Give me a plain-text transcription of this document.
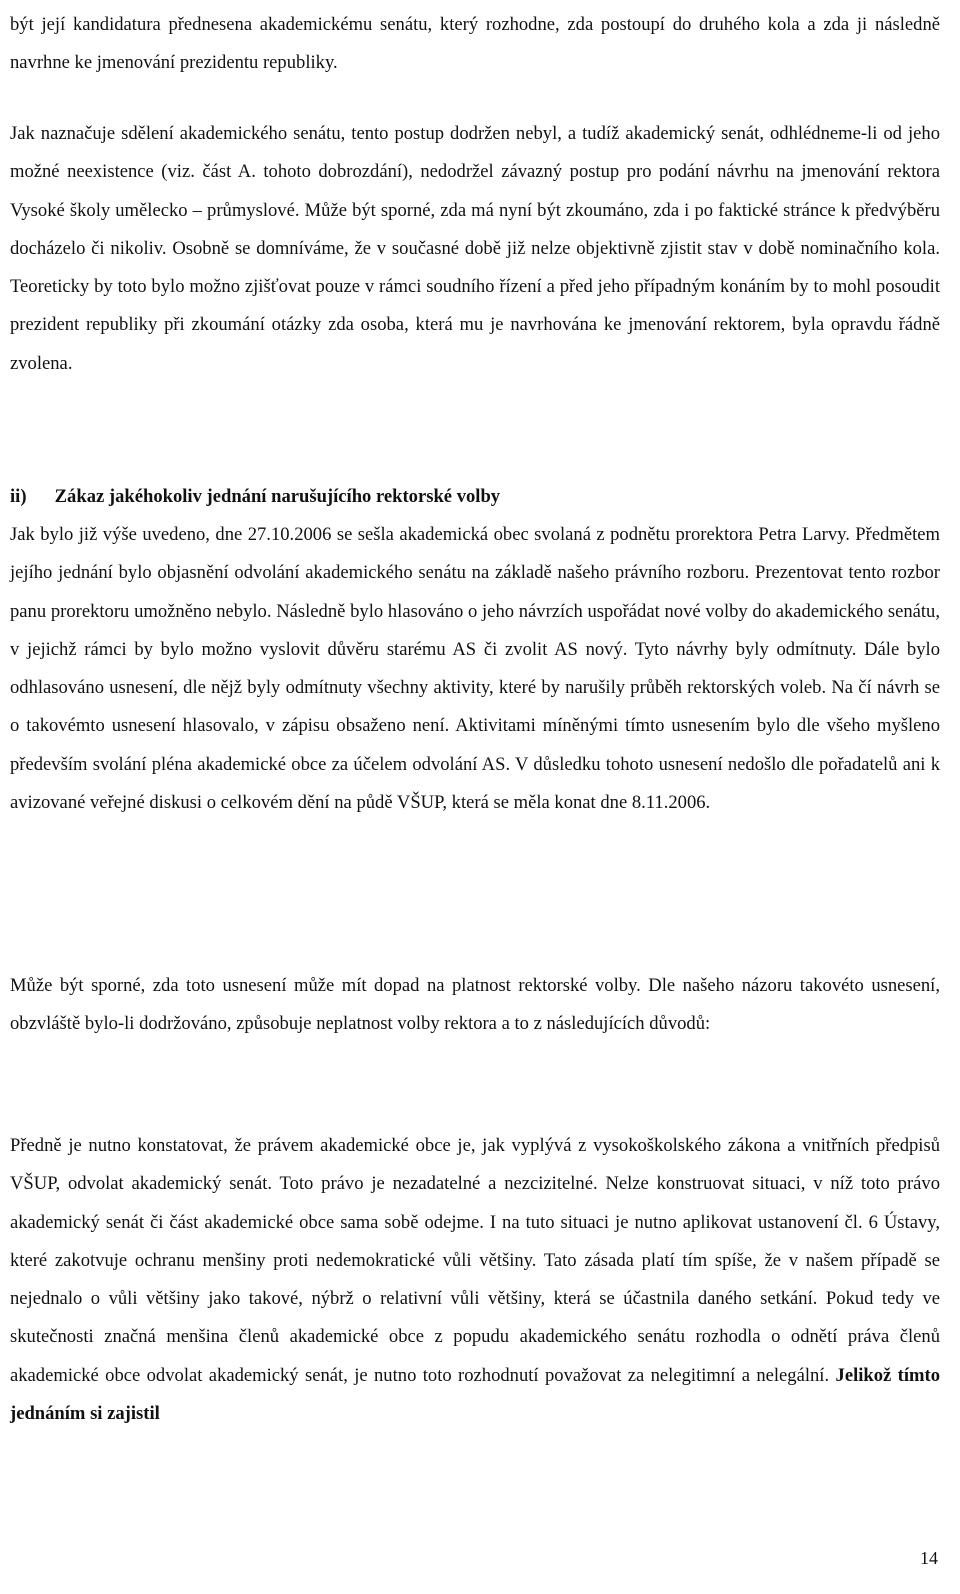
být její kandidatura přednesena akademickému senátu, který rozhodne, zda postoupí do druhého kola a zda ji následně navrhne ke jmenování prezidentu republiky.

Jak naznačuje sdělení akademického senátu, tento postup dodržen nebyl, a tudíž akademický senát, odhlédneme-li od jeho možné neexistence (viz. část A. tohoto dobrozdání), nedodržel závazný postup pro podání návrhu na jmenování rektora Vysoké školy umělecko – průmyslové. Může být sporné, zda má nyní být zkoumáno, zda i po faktické stránce k předvýběru docházelo či nikoliv. Osobně se domníváme, že v současné době již nelze objektivně zjistit stav v době nominačního kola. Teoreticky by toto bylo možno zjišťovat pouze v rámci soudního řízení a před jeho případným konáním by to mohl posoudit prezident republiky při zkoumání otázky zda osoba, která mu je navrhována ke jmenování rektorem, byla opravdu řádně zvolena.

ii) Zákaz jakéhokoliv jednání narušujícího rektorské volby

Jak bylo již výše uvedeno, dne 27.10.2006 se sešla akademická obec svolaná z podnětu prorektora Petra Larvy. Předmětem jejího jednání bylo objasnění odvolání akademického senátu na základě našeho právního rozboru. Prezentovat tento rozbor panu prorektoru umožněno nebylo. Následně bylo hlasováno o jeho návrzích uspořádat nové volby do akademického senátu, v jejichž rámci by bylo možno vyslovit důvěru starému AS či zvolit AS nový. Tyto návrhy byly odmítnuty. Dále bylo odhlasováno usnesení, dle nějž byly odmítnuty všechny aktivity, které by narušily průběh rektorských voleb. Na čí návrh se o takovémto usnesení hlasovalo, v zápisu obsaženo není. Aktivitami míněnými tímto usnesením bylo dle všeho myšleno především svolání pléna akademické obce za účelem odvolání AS. V důsledku tohoto usnesení nedošlo dle pořadatelů ani k avizované veřejné diskusi o celkovém dění na půdě VŠUP, která se měla konat dne 8.11.2006.

Může být sporné, zda toto usnesení může mít dopad na platnost rektorské volby. Dle našeho názoru takovéto usnesení, obzvláště bylo-li dodržováno, způsobuje neplatnost volby rektora a to z následujících důvodů:

Předně je nutno konstatovat, že právem akademické obce je, jak vyplývá z vysokoškolského zákona a vnitřních předpisů VŠUP, odvolat akademický senát. Toto právo je nezadatelné a nezcizitelné. Nelze konstruovat situaci, v níž toto právo akademický senát či část akademické obce sama sobě odejme. I na tuto situaci je nutno aplikovat ustanovení čl. 6 Ústavy, které zakotvuje ochranu menšiny proti nedemokratické vůli většiny. Tato zásada platí tím spíše, že v našem případě se nejednalo o vůli většiny jako takové, nýbrž o relativní vůli většiny, která se účastnila daného setkání. Pokud tedy ve skutečnosti značná menšina členů akademické obce z popudu akademického senátu rozhodla o odnětí práva členů akademické obce odvolat akademický senát, je nutno toto rozhodnutí považovat za nelegitimní a nelegální. Jelikož tímto jednáním si zajistil

14
